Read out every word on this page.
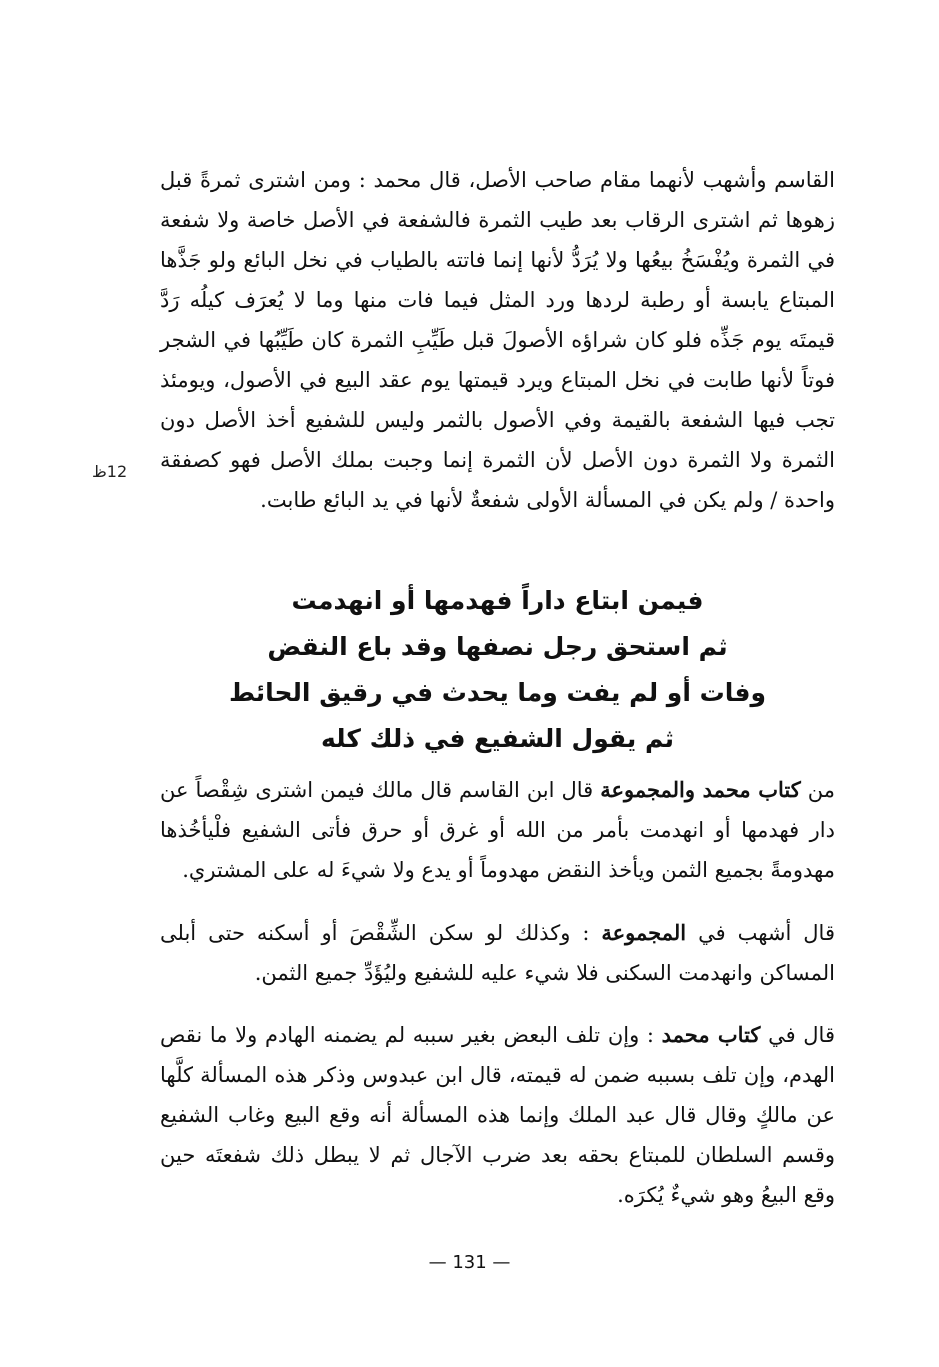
القاسم وأشهب لأنهما مقام صاحب الأصل، قال محمد : ومن اشترى ثمرةً قبل زهوها ثم اشترى الرقاب بعد طيب الثمرة فالشفعة في الأصل خاصة ولا شفعة في الثمرة ويُفْسَخُ بيعُها ولا يُرَدُّ لأنها إنما فاتته بالطياب في نخل البائع ولو جَذَّها المبتاع يابسة أو رطبة لردها ورد المثل فيما فات منها وما لا يُعرَف كيلُه رَدَّ قيمتَه يوم جَذِّه فلو كان شراؤه الأصولَ قبل طَيِّبِ الثمرة كان طَيِّبُها في الشجر فوتاً لأنها طابت في نخل المبتاع ويرد قيمتها يوم عقد البيع في الأصول، ويومئذ تجب فيها الشفعة بالقيمة وفي الأصول بالثمر وليس للشفيع أخذ الأصل دون الثمرة ولا الثمرة دون الأصل لأن الثمرة إنما وجبت بملك الأصل فهو كصفقة واحدة / ولم يكن في المسألة الأولى شفعةٌ لأنها في يد البائع طابت.

12ظ
فيمن ابتاع داراً فهدمها أو انهدمت
ثم استحق رجل نصفها وقد باع النقض
وفات أو لم يفت وما يحدث في رقيق الحائط
ثم يقول الشفيع في ذلك كله

من كتاب محمد والمجموعة قال ابن القاسم قال مالك فيمن اشترى شِقْصاً عن دار فهدمها أو انهدمت بأمر من الله أو غرق أو حرق فأتى الشفيع فلْيأخُذها مهدومةً بجميع الثمن ويأخذ النقض مهدوماً أو يدع ولا شيءَ له على المشتري.

قال أشهب في المجموعة : وكذلك لو سكن الشِّقْصَ أو أسكنه حتى أبلى المساكن وانهدمت السكنى فلا شيء عليه للشفيع وليُؤَدِّ جميع الثمن.

قال في كتاب محمد : وإن تلف البعض بغير سببه لم يضمنه الهادم ولا ما نقص الهدم، وإن تلف بسببه ضمن له قيمته، قال ابن عبدوس وذكر هذه المسألة كلَّها عن مالكٍ وقال قال عبد الملك وإنما هذه المسألة أنه وقع البيع وغاب الشفيع وقسم السلطان للمبتاع بحقه بعد ضرب الآجال ثم لا يبطل ذلك شفعتَه حين وقع البيعُ وهو شيءٌ يُكرَه.

— 131 —
